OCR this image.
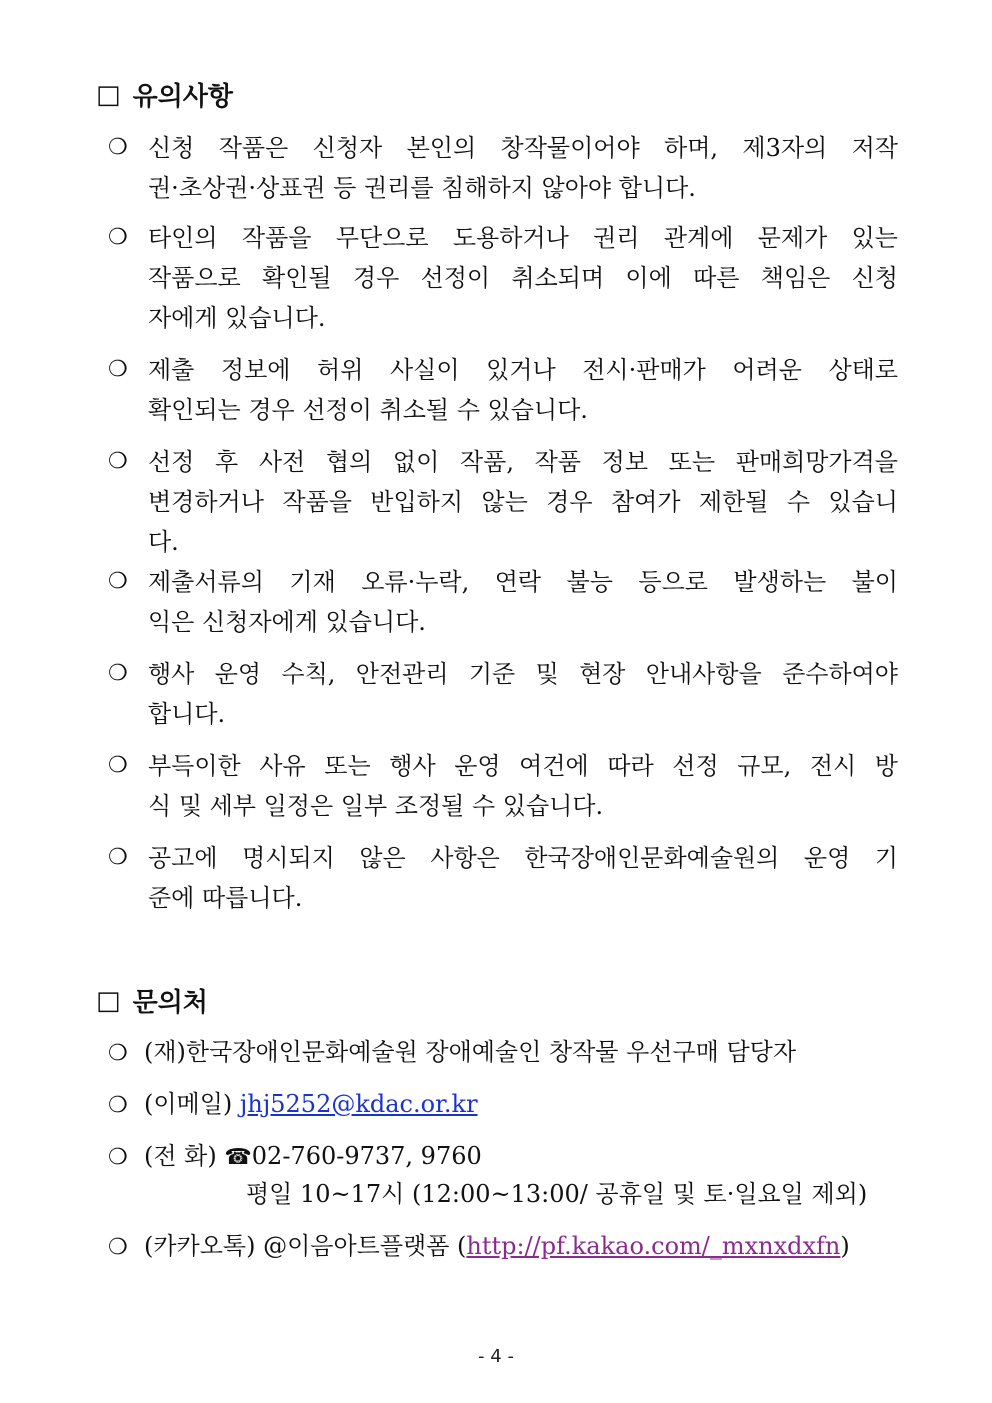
□ 유의사항
❍ 신청 작품은 신청자 본인의 창작물이어야 하며, 제3자의 저작
권·초상권·상표권 등 권리를 침해하지 않아야 합니다.
❍ 타인의 작품을 무단으로 도용하거나 권리 관계에 문제가 있는
작품으로 확인될 경우 선정이 취소되며 이에 따른 책임은 신청
자에게 있습니다.
❍ 제출 정보에 허위 사실이 있거나 전시·판매가 어려운 상태로
확인되는 경우 선정이 취소될 수 있습니다.
❍ 선정 후 사전 협의 없이 작품, 작품 정보 또는 판매희망가격을
변경하거나 작품을 반입하지 않는 경우 참여가 제한될 수 있습니
다.
❍ 제출서류의 기재 오류·누락, 연락 불능 등으로 발생하는 불이
익은 신청자에게 있습니다.
❍ 행사 운영 수칙, 안전관리 기준 및 현장 안내사항을 준수하여야
합니다.
❍ 부득이한 사유 또는 행사 운영 여건에 따라 선정 규모, 전시 방
식 및 세부 일정은 일부 조정될 수 있습니다.
❍ 공고에 명시되지 않은 사항은 한국장애인문화예술원의 운영 기
준에 따릅니다.
□ 문의처
❍ (재)한국장애인문화예술원 장애예술인 창작물 우선구매 담당자
❍ (이메일) jhj5252@kdac.or.kr
❍ (전 화) ☎02-760-9737, 9760
평일 10~17시 (12:00~13:00/ 공휴일 및 토·일요일 제외)
❍ (카카오톡) @이음아트플랫폼 (http://pf.kakao.com/_mxnxdxfn)
- 4 -
